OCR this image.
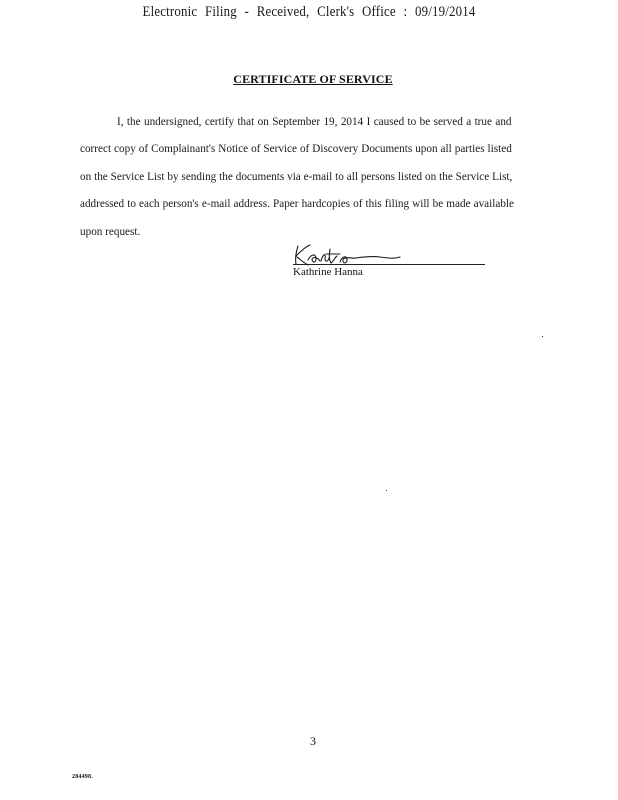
Electronic Filing - Received, Clerk's Office : 09/19/2014
CERTIFICATE OF SERVICE
I, the undersigned, certify that on September 19, 2014 I caused to be served a true and
correct copy of Complainant's Notice of Service of Discovery Documents upon all parties listed
on the Service List by sending the documents via e-mail to all persons listed on the Service List,
addressed to each person's e-mail address. Paper hardcopies of this filing will be made available
upon request.
Kathrine Hanna
3
284498.
